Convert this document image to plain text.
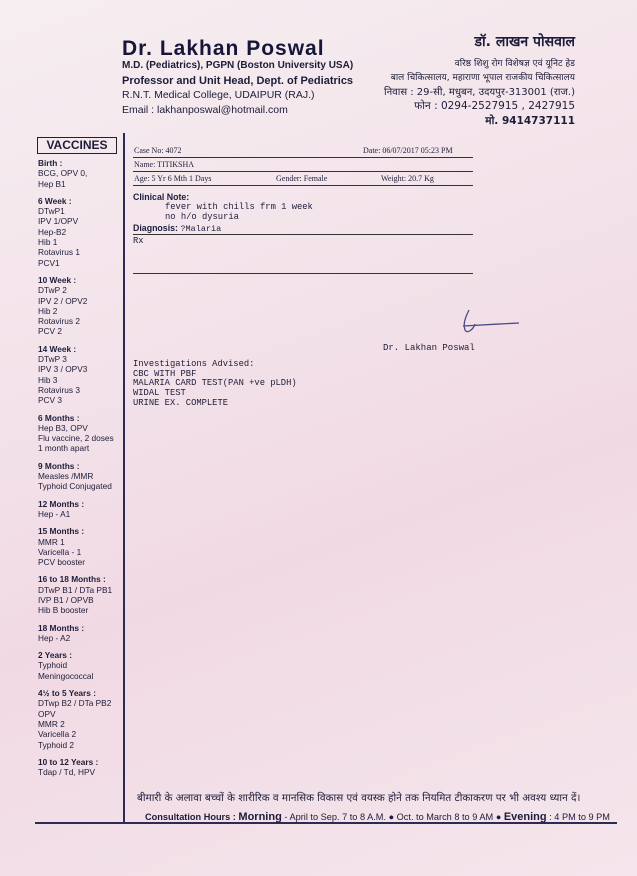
Dr. Lakhan Poswal
M.D. (Pediatrics), PGPN (Boston University USA)
Professor and Unit Head, Dept. of Pediatrics
R.N.T. Medical College, UDAIPUR (RAJ.)
Email : lakhanposwal@hotmail.com
डॉ. लाखन पोसवाल
वरिष्ठ शिशु रोग विशेषज्ञ एवं यूनिट हेड
बाल चिकित्सालय, महाराणा भूपाल राजकीय चिकित्सालय
निवास : 29-सी, मधुबन, उदयपुर-313001 (राज.)
फोन : 0294-2527915 , 2427915
मो. 9414737111
VACCINES
Birth :
BCG, OPV 0,
Hep B1
6 Week :
DTwP1
IPV 1/OPV
Hep-B2
Hib 1
Rotavirus 1
PCV1
10 Week :
DTwP 2
IPV 2 / OPV2
Hib 2
Rotavirus 2
PCV 2
14 Week :
DTwP 3
IPV 3 / OPV3
Hib 3
Rotavirus 3
PCV 3
6 Months :
Hep B3, OPV
Flu vaccine, 2 doses
1 month apart
9 Months :
Measles /MMR
Typhoid Conjugated
12 Months :
Hep - A1
15 Months :
MMR 1
Varicella - 1
PCV booster
16 to 18 Months :
DTwP B1 / DTa PB1
IVP B1 / OPVB
Hib B booster
18 Months :
Hep - A2
2 Years :
Typhoid
Meningococcal
4½ to 5 Years :
DTwp B2 / DTa PB2
OPV
MMR 2
Varicella 2
Typhoid 2
10 to 12 Years :
Tdap / Td, HPV
Case No: 4072	Date: 06/07/2017 05:23 PM
Name: TITIKSHA
Age: 5 Yr 6 Mth 1 Days	Gender: Female	Weight: 20.7 Kg
Clinical Note:
fever with chills frm 1 week
no h/o dysuria
Diagnosis: ?Malaria
Rx
Dr. Lakhan Poswal
Investigations Advised:
CBC WITH PBF
MALARIA CARD TEST(PAN +ve pLDH)
WIDAL TEST
URINE EX. COMPLETE
बीमारी के अलावा बच्चों के शारीरिक व मानसिक विकास एवं वयस्क होने तक नियमित टीकाकरण पर भी अवश्य ध्यान दें।
Consultation Hours : Morning - April to Sep. 7 to 8 A.M. ● Oct. to March 8 to 9 AM ● Evening : 4 PM to 9 PM
